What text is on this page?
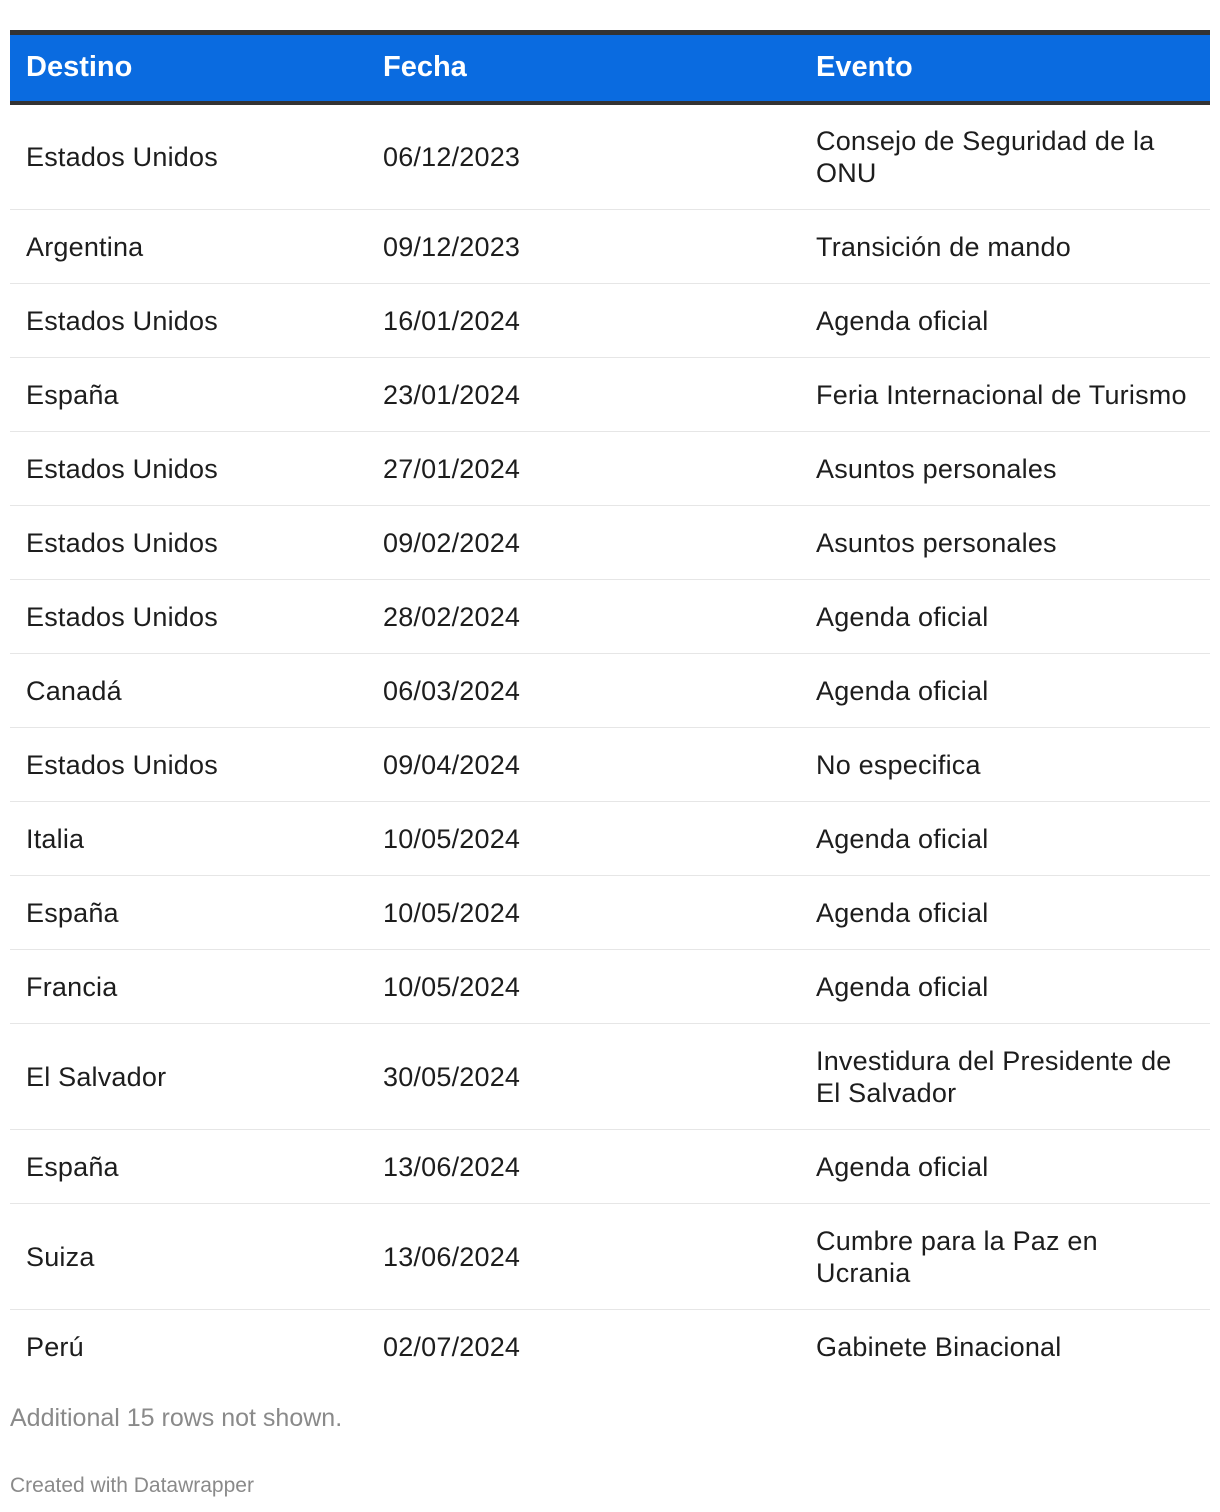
Destino	Fecha	Evento
Estados Unidos	06/12/2023	Consejo de Seguridad de la ONU
Argentina	09/12/2023	Transición de mando
Estados Unidos	16/01/2024	Agenda oficial
España	23/01/2024	Feria Internacional de Turismo
Estados Unidos	27/01/2024	Asuntos personales
Estados Unidos	09/02/2024	Asuntos personales
Estados Unidos	28/02/2024	Agenda oficial
Canadá	06/03/2024	Agenda oficial
Estados Unidos	09/04/2024	No especifica
Italia	10/05/2024	Agenda oficial
España	10/05/2024	Agenda oficial
Francia	10/05/2024	Agenda oficial
El Salvador	30/05/2024	Investidura del Presidente de El Salvador
España	13/06/2024	Agenda oficial
Suiza	13/06/2024	Cumbre para la Paz en Ucrania
Perú	02/07/2024	Gabinete Binacional
Additional 15 rows not shown.
Created with Datawrapper
